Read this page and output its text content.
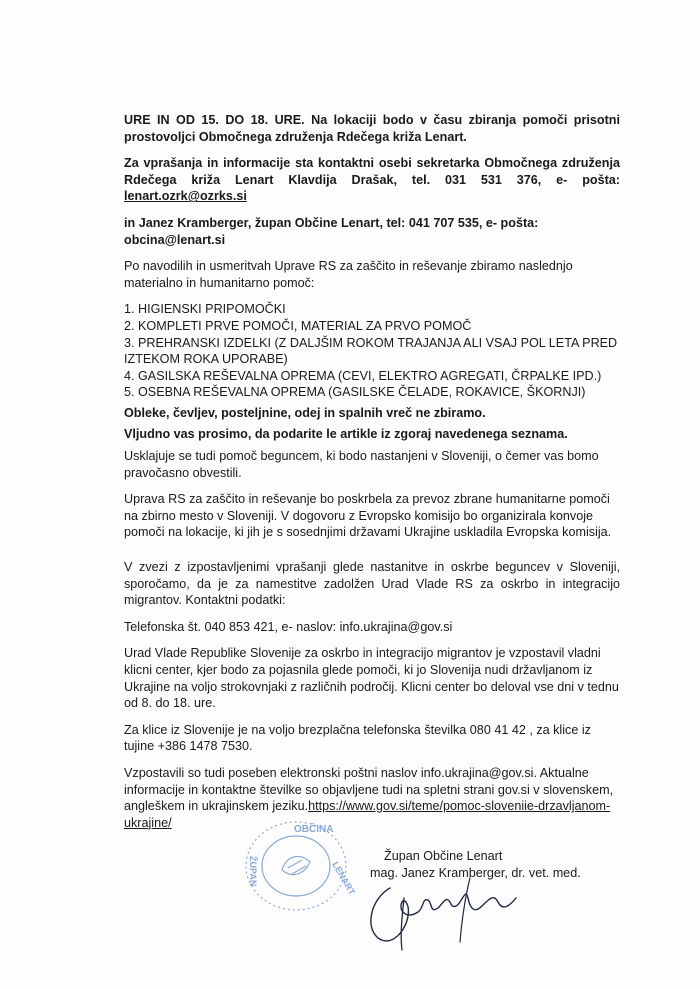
URE IN OD 15. DO 18. URE. Na lokaciji bodo v času zbiranja pomoči prisotni prostovoljci Območnega združenja Rdečega križa Lenart.

Za vprašanja in informacije sta kontaktni osebi sekretarka Območnega združenja Rdečega križa Lenart Klavdija Drašak, tel. 031 531 376, e- pošta: lenart.ozrk@ozrks.si

in Janez Kramberger, župan Občine Lenart, tel: 041 707 535, e- pošta: obcina@lenart.si

Po navodilih in usmeritvah Uprave RS za zaščito in reševanje zbiramo naslednjo materialno in humanitarno pomoč:

1. HIGIENSKI PRIPOMOČKI
2. KOMPLETI PRVE POMOČI, MATERIAL ZA PRVO POMOČ
3. PREHRANSKI IZDELKI (Z DALJŠIM ROKOM TRAJANJA ALI VSAJ POL LETA PRED IZTEKOM ROKA UPORABE)
4. GASILSKA REŠEVALNA OPREMA (CEVI, ELEKTRO AGREGATI, ČRPALKE IPD.)
5. OSEBNA REŠEVALNA OPREMA (GASILSKE ČELADE, ROKAVICE, ŠKORNJI)

Obleke, čevljev, posteljnine, odej in spalnih vreč ne zbiramo.

Vljudno vas prosimo, da podarite le artikle iz zgoraj navedenega seznama.

Usklajuje se tudi pomoč beguncem, ki bodo nastanjeni v Sloveniji, o čemer vas bomo pravočasno obvestili.

Uprava RS za zaščito in reševanje bo poskrbela za prevoz zbrane humanitarne pomoči na zbirno mesto v Sloveniji. V dogovoru z Evropsko komisijo bo organizirala konvoje pomoči na lokacije, ki jih je s sosednjimi državami Ukrajine uskladila Evropska komisija.

V zvezi z izpostavljenimi vprašanji glede nastanitve in oskrbe beguncev v Sloveniji, sporočamo, da je za namestitve zadolžen Urad Vlade RS za oskrbo in integracijo migrantov. Kontaktni podatki:

Telefonska št. 040 853 421, e- naslov: info.ukrajina@gov.si

Urad Vlade Republike Slovenije za oskrbo in integracijo migrantov je vzpostavil vladni klicni center, kjer bodo za pojasnila glede pomoči, ki jo Slovenija nudi državljanom iz Ukrajine na voljo strokovnjaki z različnih področij. Klicni center bo deloval vse dni v tednu od 8. do 18. ure.

Za klice iz Slovenije je na voljo brezplačna telefonska številka 080 41 42 , za klice iz tujine +386 1478 7530.

Vzpostavili so tudi poseben elektronski poštni naslov info.ukrajina@gov.si. Aktualne informacije in kontaktne številke so objavljene tudi na spletni strani gov.si v slovenskem, angleškem in ukrajinskem jeziku.https://www.gov.si/teme/pomoc-sloveniie-drzavljanom-ukrajine/	OBČINA
LENART
ŽUPAN	Župan Občine Lenart
mag. Janez Kramberger, dr. vet. med.
